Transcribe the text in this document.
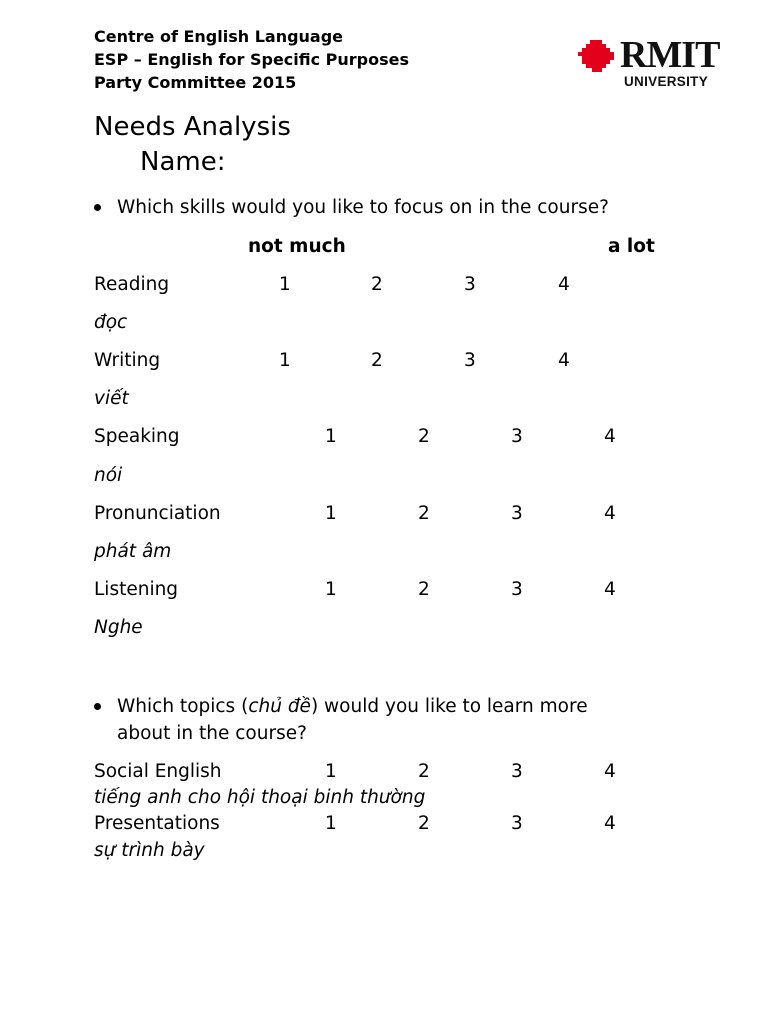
Centre of English Language
ESP – English for Specific Purposes
Party Committee 2015
RMIT
UNIVERSITY
Needs Analysis
Name:
Which skills would you like to focus on in the course?
not much	a lot
Reading	1	2	3	4
đọc
Writing	1	2	3	4
viết
Speaking	1	2	3	4
nói
Pronunciation	1	2	3	4
phát âm
Listening	1	2	3	4
Nghe
Which topics (chủ đề) would you like to learn more
about in the course?
Social English	1	2	3	4
tiếng anh cho hội thoại binh thường
Presentations	1	2	3	4
sự trình bày
